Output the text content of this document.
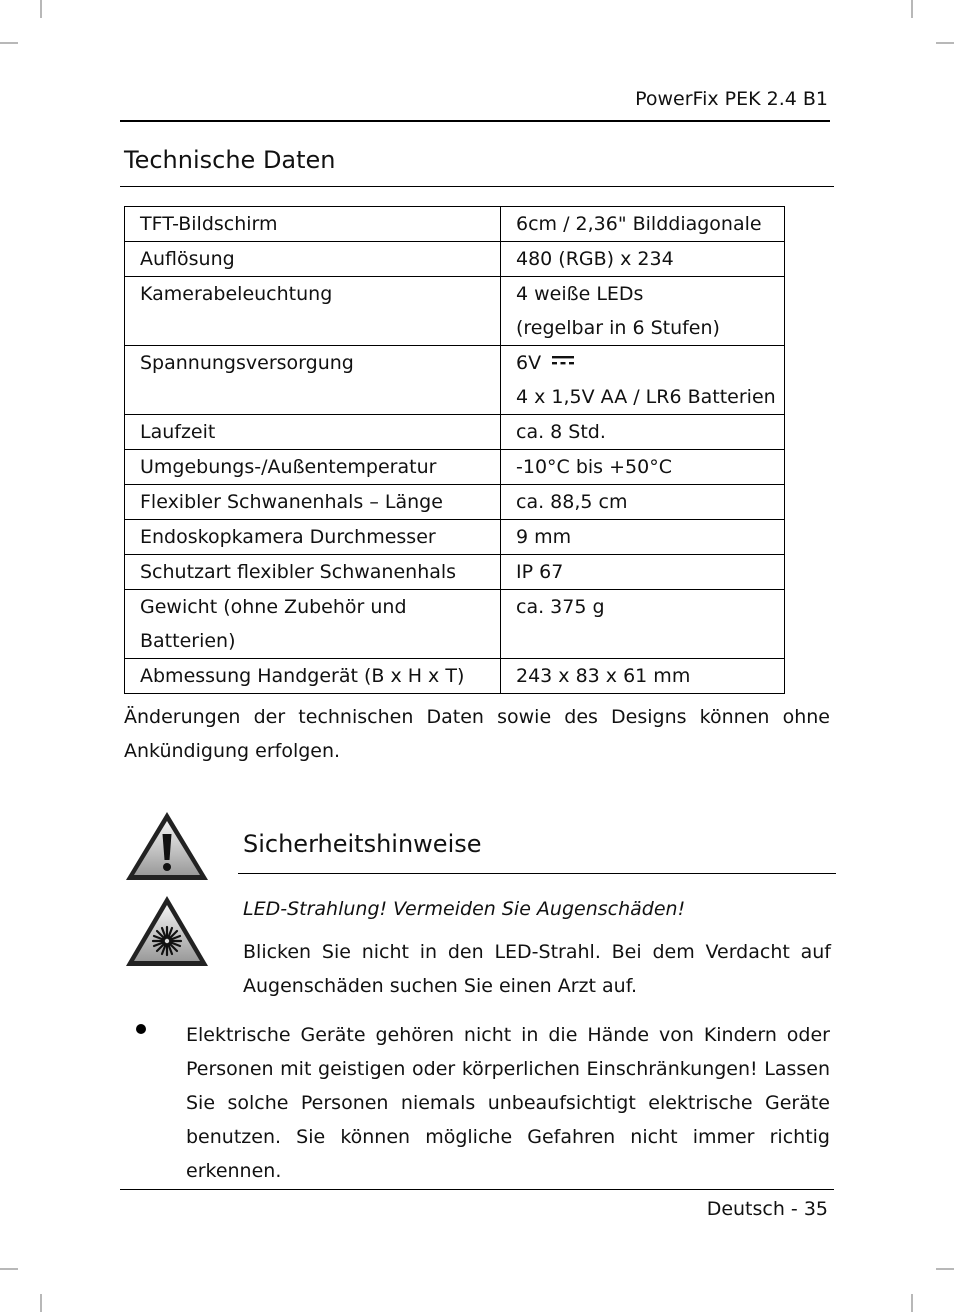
PowerFix PEK 2.4 B1
Technische Daten
TFT-Bildschirm	6cm / 2,36" Bilddiagonale
Auflösung	480 (RGB) x 234
Kamerabeleuchtung	4 weiße LEDs
(regelbar in 6 Stufen)

Spannungsversorgung	6V
4 x 1,5V AA / LR6 Batterien

Laufzeit	ca. 8 Std.
Umgebungs-/Außentemperatur	-10°C bis +50°C
Flexibler Schwanenhals – Länge	ca. 88,5 cm
Endoskopkamera Durchmesser	9 mm
Schutzart flexibler Schwanenhals	IP 67
Gewicht (ohne Zubehör und Batterien)	ca. 375 g
Abmessung Handgerät (B x H x T)	243 x 83 x 61 mm

Änderungen der technischen Daten sowie des Designs können ohne Ankündigung erfolgen.

Sicherheitshinweise

LED-Strahlung! Vermeiden Sie Augenschäden!

Blicken Sie nicht in den LED-Strahl. Bei dem Verdacht auf Augenschäden suchen Sie einen Arzt auf.

Elektrische Geräte gehören nicht in die Hände von Kindern oder Personen mit geistigen oder körperlichen Einschränkungen! Lassen Sie solche Personen niemals unbeaufsichtigt elektrische Geräte benutzen. Sie können mögliche Gefahren nicht immer richtig erkennen.

Deutsch - 35
